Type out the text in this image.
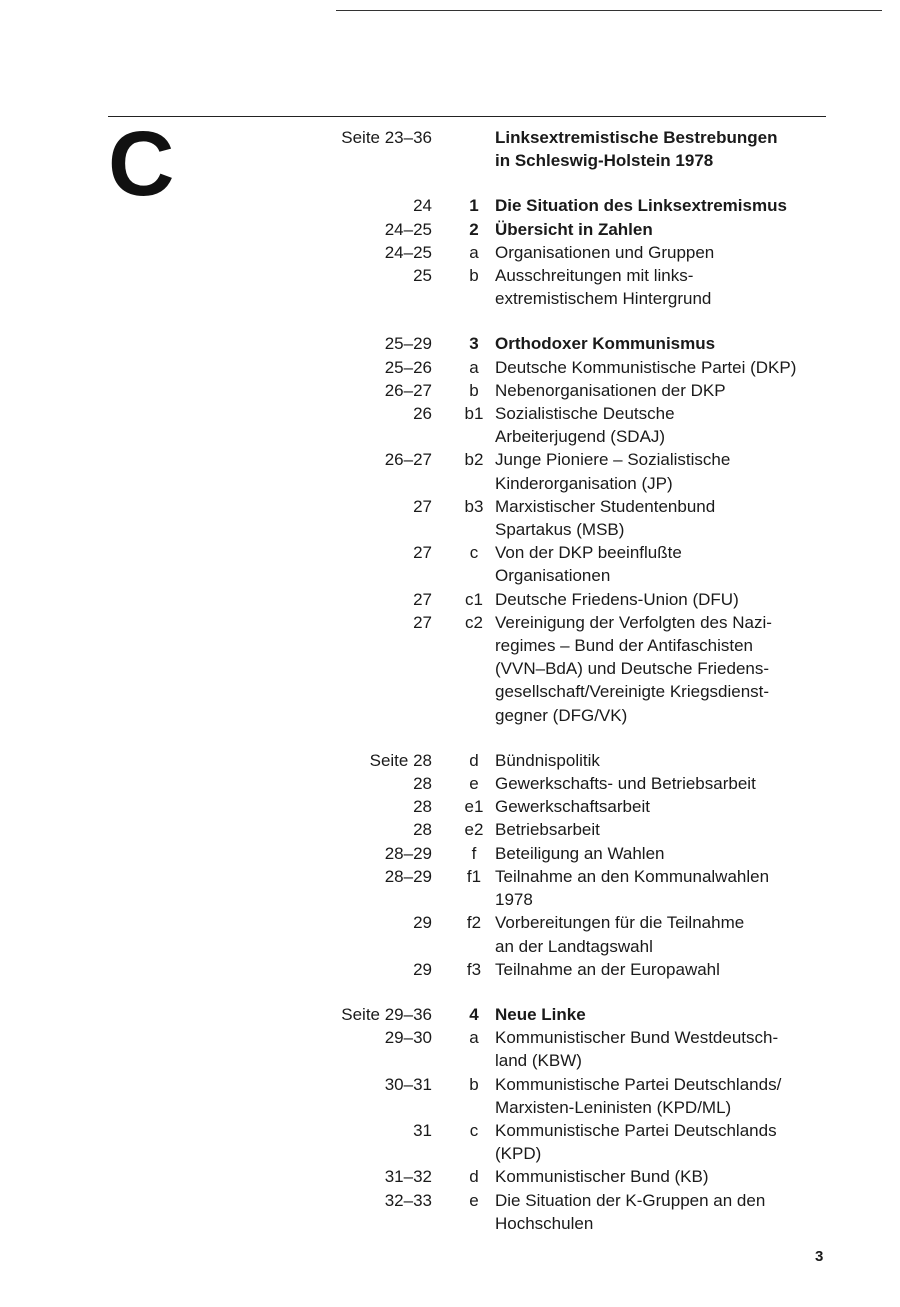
C	Seite 23–36	Linksextremistische Bestrebungen
in Schleswig-Holstein 1978
24	1 Die Situation des Linksextremismus
24–25	2 Übersicht in Zahlen
24–25	a Organisationen und Gruppen
25	b Ausschreitungen mit links-
extremistischem Hintergrund
25–29	3 Orthodoxer Kommunismus
25–26	a Deutsche Kommunistische Partei (DKP)
26–27	b Nebenorganisationen der DKP
26 b1 Sozialistische Deutsche
Arbeiterjugend (SDAJ)
26–27 b2 Junge Pioniere – Sozialistische
Kinderorganisation (JP)
27 b3 Marxistischer Studentenbund
Spartakus (MSB)
27	c Von der DKP beeinflußte
Organisationen
27 c1 Deutsche Friedens-Union (DFU)
27 c2 Vereinigung der Verfolgten des Nazi-
regimes – Bund der Antifaschisten
(VVN–BdA) und Deutsche Friedens-
gesellschaft/Vereinigte Kriegsdienst-
gegner (DFG/VK)
Seite 28	d Bündnispolitik
28	e Gewerkschafts- und Betriebsarbeit
28 e1 Gewerkschaftsarbeit
28 e2 Betriebsarbeit
28–29	f	Beteiligung an Wahlen
28–29 f1 Teilnahme an den Kommunalwahlen
1978
29 f2 Vorbereitungen für die Teilnahme
an der Landtagswahl
29 f3 Teilnahme an der Europawahl
Seite 29–36	4 Neue Linke
29–30	a Kommunistischer Bund Westdeutsch-
land (KBW)
30–31	b Kommunistische Partei Deutschlands/
Marxisten-Leninisten (KPD/ML)
31	c Kommunistische Partei Deutschlands
(KPD)
31–32	d Kommunistischer Bund (KB)
32–33	e Die Situation der K-Gruppen an den
Hochschulen
3
